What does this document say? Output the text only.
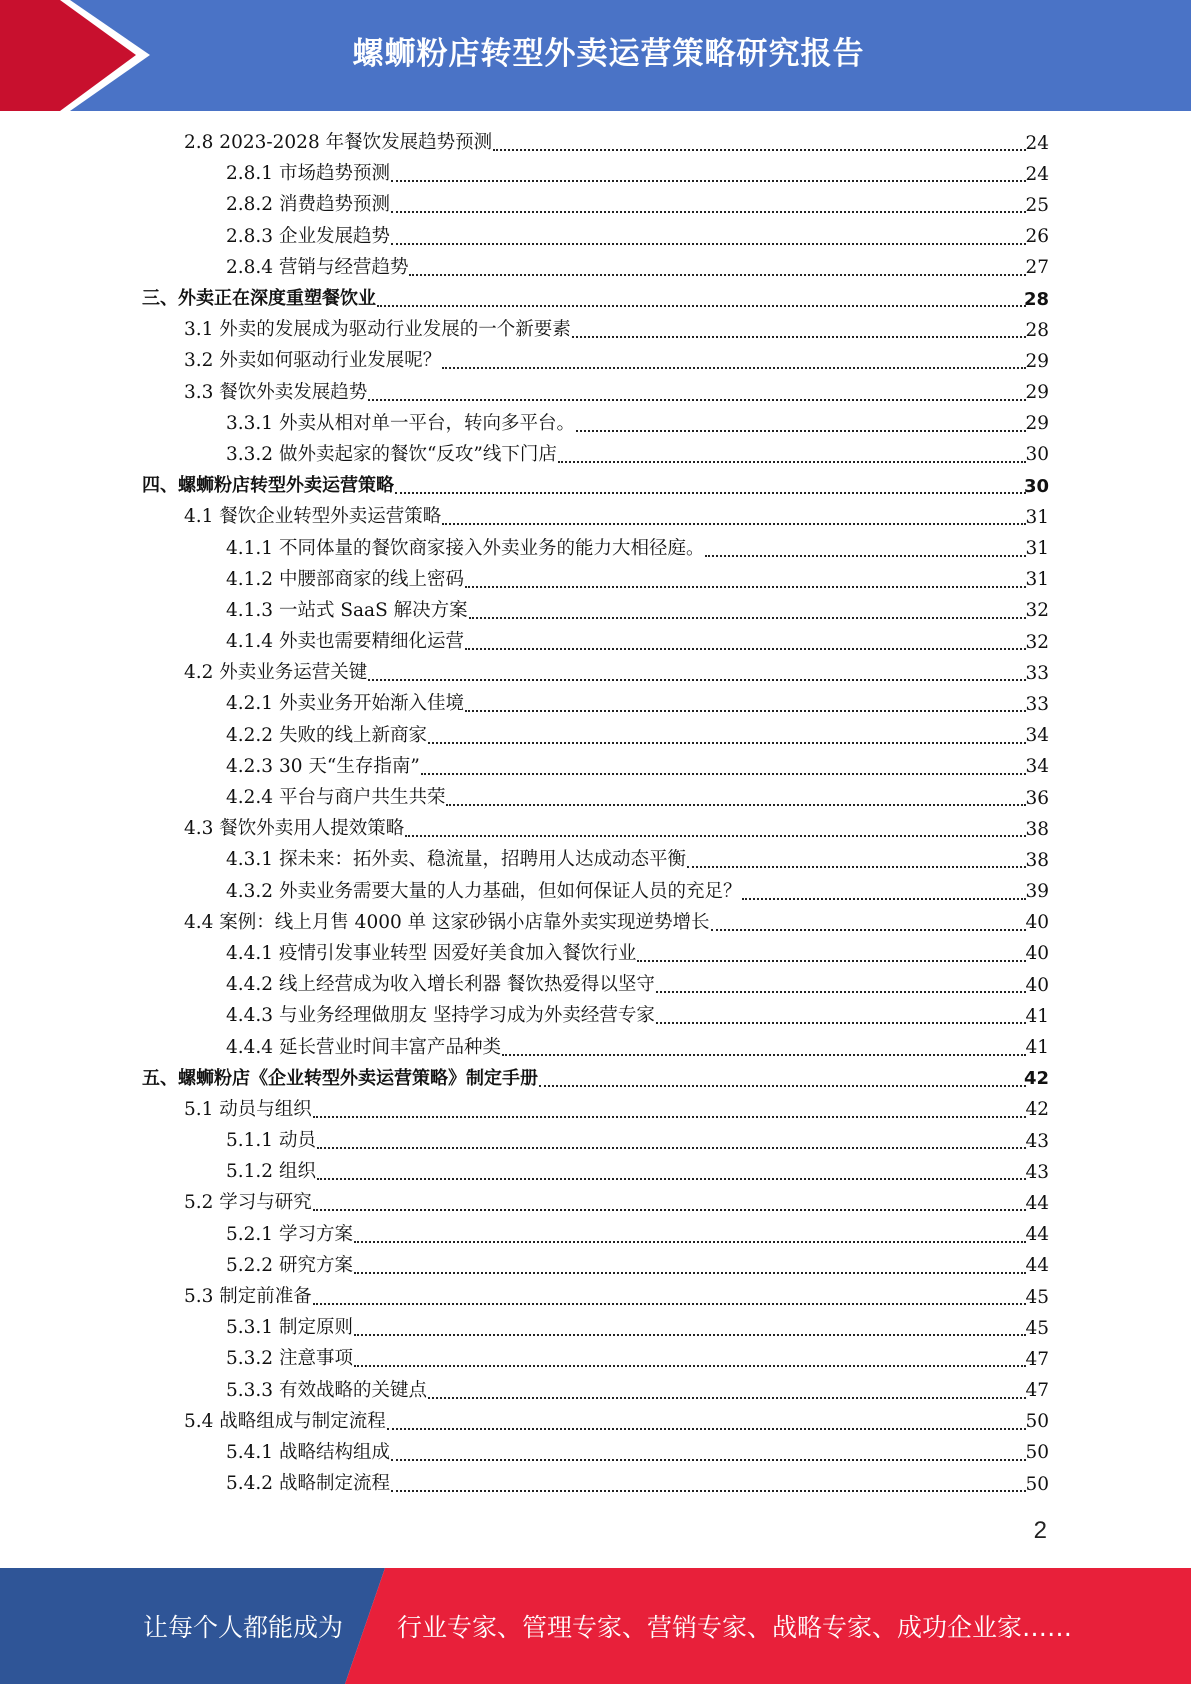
螺蛳粉店转型外卖运营策略研究报告
2.8 2023-2028 年餐饮发展趋势预测	24
2.8.1 市场趋势预测	24
2.8.2 消费趋势预测	25
2.8.3 企业发展趋势	26
2.8.4 营销与经营趋势	27
三、外卖正在深度重塑餐饮业	28
3.1 外卖的发展成为驱动行业发展的一个新要素	28
3.2 外卖如何驱动行业发展呢？	29
3.3 餐饮外卖发展趋势	29
3.3.1 外卖从相对单一平台，转向多平台。	29
3.3.2 做外卖起家的餐饮“反攻”线下门店	30
四、螺蛳粉店转型外卖运营策略	30
4.1 餐饮企业转型外卖运营策略	31
4.1.1 不同体量的餐饮商家接入外卖业务的能力大相径庭。	31
4.1.2 中腰部商家的线上密码	31
4.1.3 一站式 SaaS 解决方案	32
4.1.4 外卖也需要精细化运营	32
4.2 外卖业务运营关键	33
4.2.1 外卖业务开始渐入佳境	33
4.2.2 失败的线上新商家	34
4.2.3 30 天“生存指南”	34
4.2.4 平台与商户共生共荣	36
4.3 餐饮外卖用人提效策略	38
4.3.1 探未来：拓外卖、稳流量，招聘用人达成动态平衡	38
4.3.2 外卖业务需要大量的人力基础，但如何保证人员的充足？	39
4.4 案例：线上月售 4000 单 这家砂锅小店靠外卖实现逆势增长	40
4.4.1 疫情引发事业转型 因爱好美食加入餐饮行业	40
4.4.2 线上经营成为收入增长利器 餐饮热爱得以坚守	40
4.4.3 与业务经理做朋友 坚持学习成为外卖经营专家	41
4.4.4 延长营业时间丰富产品种类	41
五、螺蛳粉店《企业转型外卖运营策略》制定手册	42
5.1 动员与组织	42
5.1.1 动员	43
5.1.2 组织	43
5.2 学习与研究	44
5.2.1 学习方案	44
5.2.2 研究方案	44
5.3 制定前准备	45
5.3.1 制定原则	45
5.3.2 注意事项	47
5.3.3 有效战略的关键点	47
5.4 战略组成与制定流程	50
5.4.1 战略结构组成	50
5.4.2 战略制定流程	50
2
让每个人都能成为 行业专家、管理专家、营销专家、战略专家、成功企业家……
